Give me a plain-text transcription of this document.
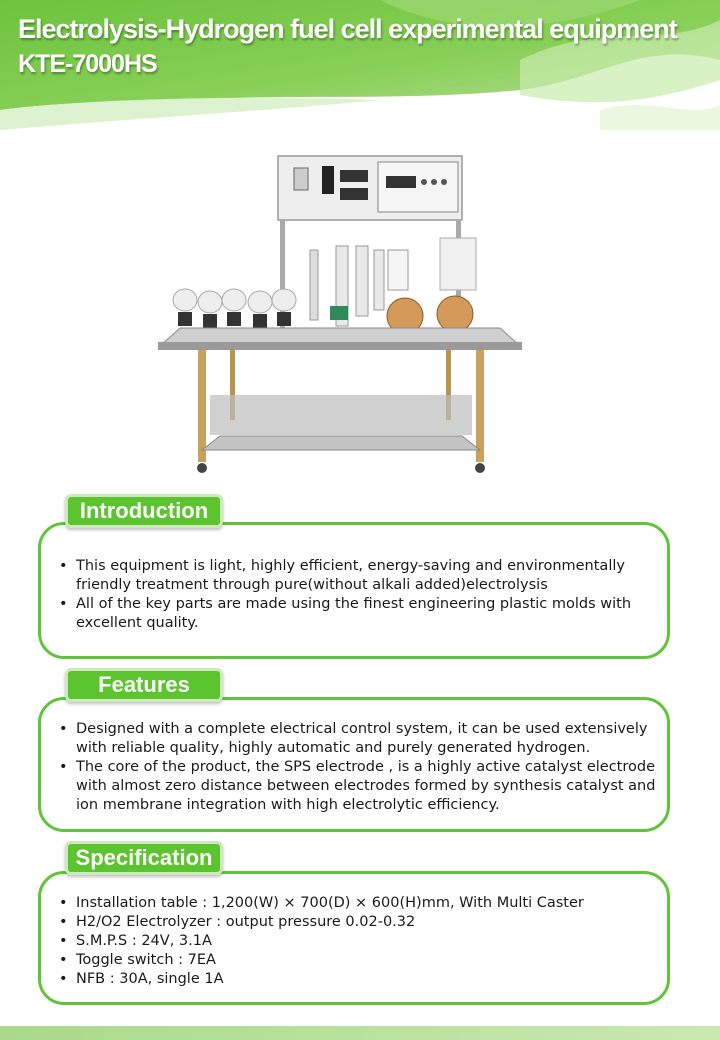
Electrolysis-Hydrogen fuel cell experimental equipment
KTE-7000HS
Introduction
• This equipment is light, highly efficient, energy-saving and environmentally friendly treatment through pure(without alkali added)electrolysis
• All of the key parts are made using the finest engineering plastic molds with excellent quality.
Features
• Designed with a complete electrical control system, it can be used extensively with reliable quality, highly automatic and purely generated hydrogen.
• The core of the product, the SPS electrode , is a highly active catalyst electrode with almost zero distance between electrodes formed by synthesis catalyst and ion membrane integration with high electrolytic efficiency.
Specification
• Installation table : 1,200(W) × 700(D) × 600(H)mm, With Multi Caster
• H2/O2 Electrolyzer : output pressure 0.02-0.32
• S.M.P.S : 24V, 3.1A
• Toggle switch : 7EA
• NFB : 30A, single 1A
